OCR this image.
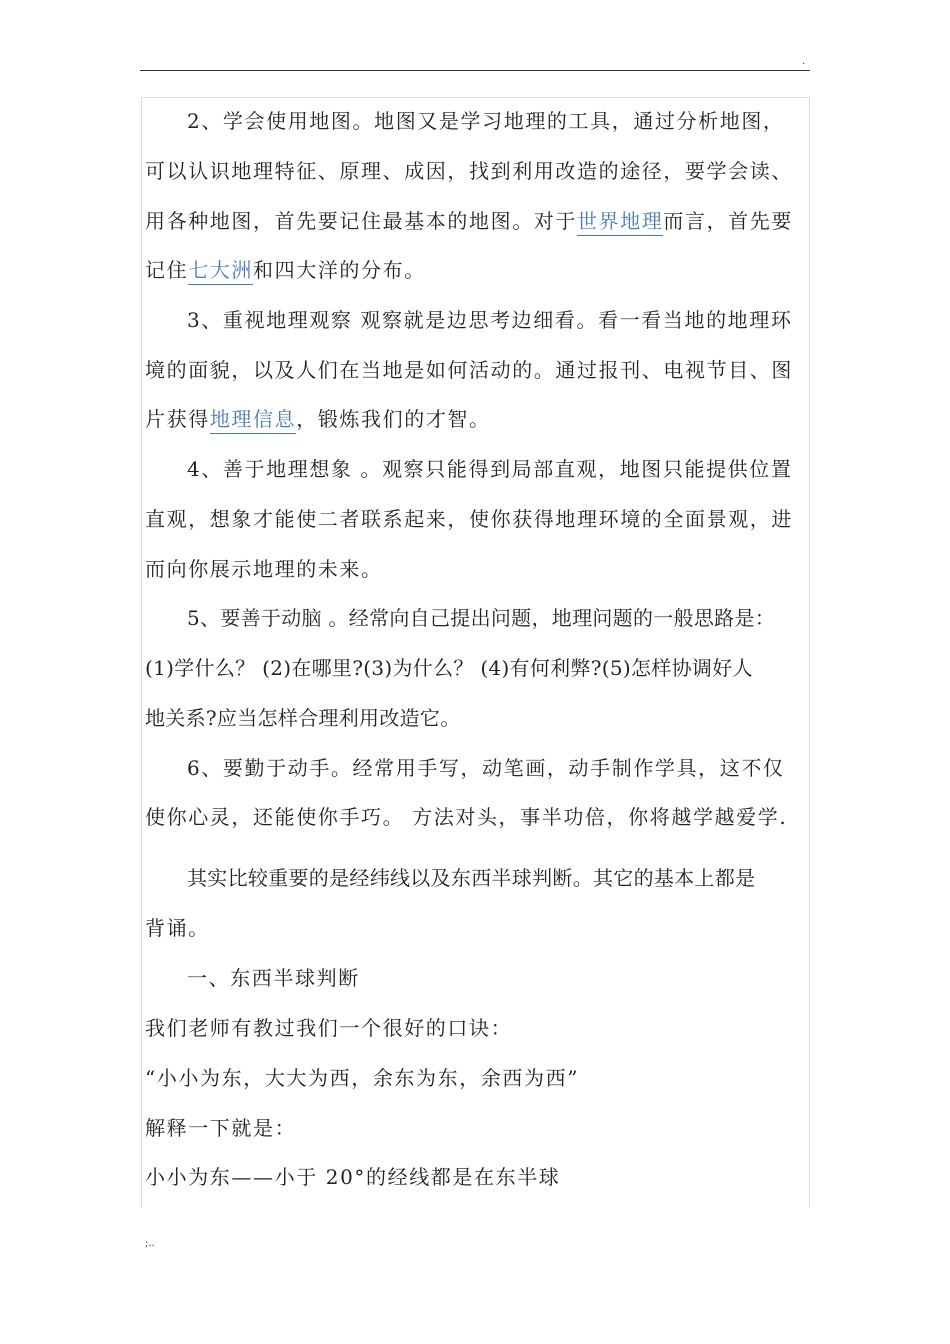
.
2、学会使用地图。地图又是学习地理的工具，通过分析地图，
可以认识地理特征、原理、成因，找到利用改造的途径，要学会读、
用各种地图，首先要记住最基本的地图。对于世界地理而言，首先要
记住七大洲和四大洋的分布。
3、重视地理观察 观察就是边思考边细看。看一看当地的地理环
境的面貌，以及人们在当地是如何活动的。通过报刊、电视节目、图
片获得地理信息，锻炼我们的才智。
4、善于地理想象 。观察只能得到局部直观，地图只能提供位置
直观，想象才能使二者联系起来，使你获得地理环境的全面景观，进
而向你展示地理的未来。
5、要善于动脑 。经常向自己提出问题，地理问题的一般思路是：
(1)学什么？ (2)在哪里?(3)为什么？ (4)有何利弊?(5)怎样协调好人
地关系?应当怎样合理利用改造它。
6、要勤于动手。经常用手写，动笔画，动手制作学具，这不仅
使你心灵，还能使你手巧。 方法对头，事半功倍，你将越学越爱学.
其实比较重要的是经纬线以及东西半球判断。其它的基本上都是
背诵。
一、东西半球判断
我们老师有教过我们一个很好的口诀：
“小小为东，大大为西，余东为东，余西为西”
解释一下就是：
小小为东——小于 20°的经线都是在东半球
;..
